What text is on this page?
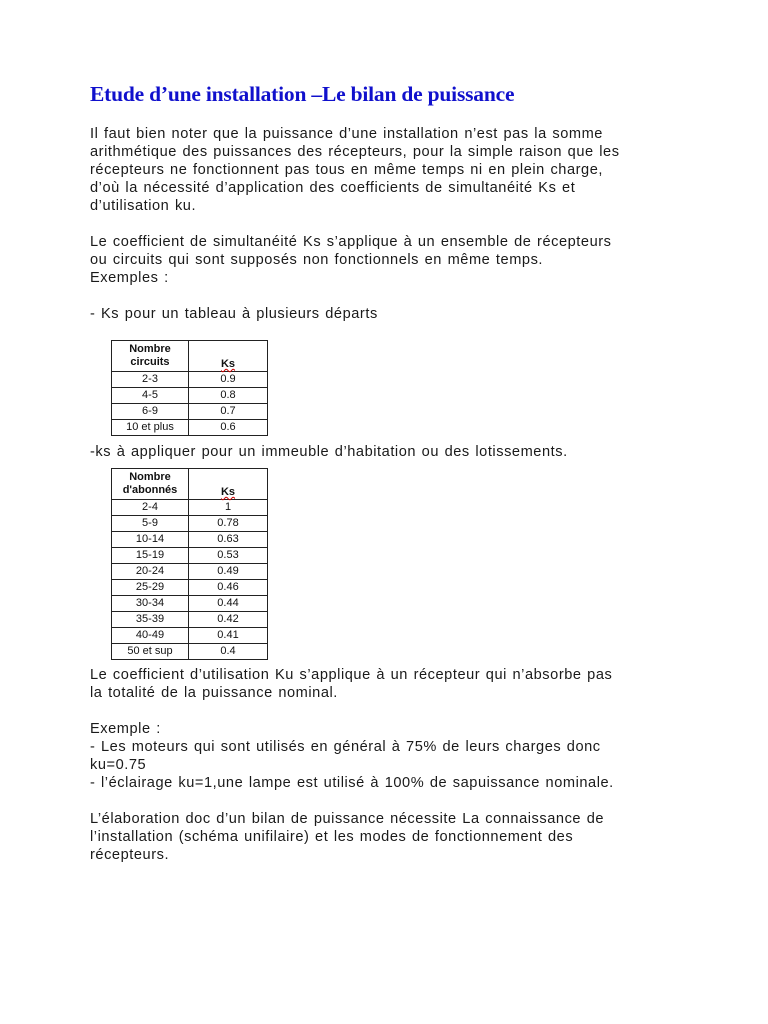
Etude d’une installation –Le bilan de puissance

Il faut bien noter que la puissance d’une installation n’est pas la somme
arithmétique des puissances des récepteurs, pour la simple raison que les
récepteurs ne fonctionnent pas tous en même temps ni en plein charge,
d’où la nécessité d’application des coefficients de simultanéité Ks et
d’utilisation ku.

Le coefficient de simultanéité Ks s’applique à un ensemble de récepteurs
ou circuits qui sont supposés non fonctionnels en même temps.
Exemples :

- Ks pour un tableau à plusieurs départs

Nombre
circuits	Ks
2-3	0.9
4-5	0.8
6-9	0.7
10 et plus	0.6

-ks à appliquer pour un immeuble d’habitation ou des lotissements.

Nombre
d'abonnés	Ks
2-4	1
5-9	0.78
10-14	0.63
15-19	0.53
20-24	0.49
25-29	0.46
30-34	0.44
35-39	0.42
40-49	0.41
50 et sup	0.4

Le coefficient d’utilisation Ku s’applique à un récepteur qui n’absorbe pas
la totalité de la puissance nominal.

Exemple :
- Les moteurs qui sont utilisés en général à 75% de leurs charges donc
ku=0.75
- l’éclairage ku=1,une lampe est utilisé à 100% de sapuissance nominale.

L’élaboration doc d’un bilan de puissance nécessite La connaissance de
l’installation (schéma unifilaire) et les modes de fonctionnement des
récepteurs.
